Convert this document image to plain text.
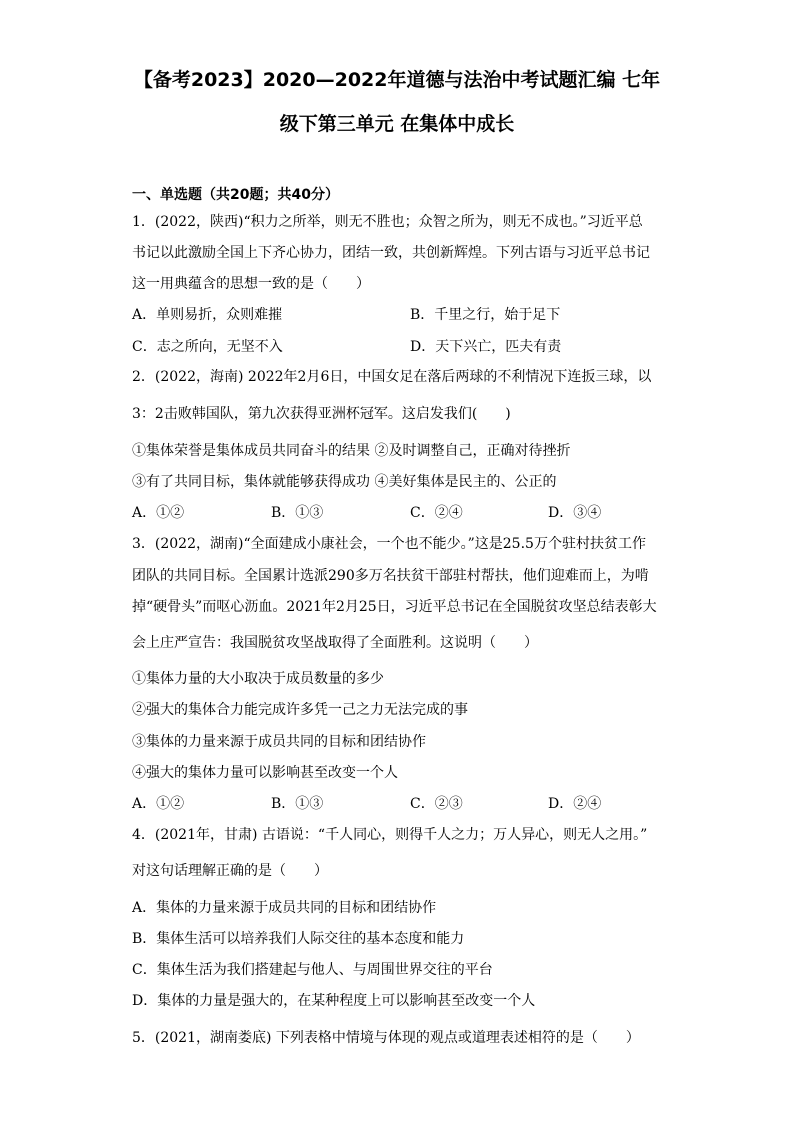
【备考2023】2020—2022年道德与法治中考试题汇编 七年
级下第三单元 在集体中成长
一、单选题（共20题；共40分）
1．(2022，陕西)“积力之所举，则无不胜也；众智之所为，则无不成也。”习近平总
书记以此激励全国上下齐心协力，团结一致，共创新辉煌。下列古语与习近平总书记
这一用典蕴含的思想一致的是（　　）
A．单则易折，众则难摧	B．千里之行，始于足下
C．志之所向，无坚不入	D．天下兴亡，匹夫有责
2．(2022，海南) 2022年2月6日，中国女足在落后两球的不利情况下连扳三球，以
3：2击败韩国队，第九次获得亚洲杯冠军。这启发我们(　　)
①集体荣誉是集体成员共同奋斗的结果 ②及时调整自己，正确对待挫折
③有了共同目标，集体就能够获得成功 ④美好集体是民主的、公正的
A．①②	B．①③	C．②④	D．③④
3．(2022，湖南)“全面建成小康社会，一个也不能少。”这是25.5万个驻村扶贫工作
团队的共同目标。全国累计选派290多万名扶贫干部驻村帮扶，他们迎难而上，为啃
掉“硬骨头”而呕心沥血。2021年2月25日，习近平总书记在全国脱贫攻坚总结表彰大
会上庄严宣告：我国脱贫攻坚战取得了全面胜利。这说明（　　）
①集体力量的大小取决于成员数量的多少
②强大的集体合力能完成许多凭一己之力无法完成的事
③集体的力量来源于成员共同的目标和团结协作
④强大的集体力量可以影响甚至改变一个人
A．①②	B．①③	C．②③	D．②④
4．(2021年，甘肃) 古语说：“千人同心，则得千人之力；万人异心，则无人之用。”
对这句话理解正确的是（　　）
A．集体的力量来源于成员共同的目标和团结协作
B．集体生活可以培养我们人际交往的基本态度和能力
C．集体生活为我们搭建起与他人、与周围世界交往的平台
D．集体的力量是强大的，在某种程度上可以影响甚至改变一个人
5．(2021，湖南娄底) 下列表格中情境与体现的观点或道理表述相符的是（　　）
